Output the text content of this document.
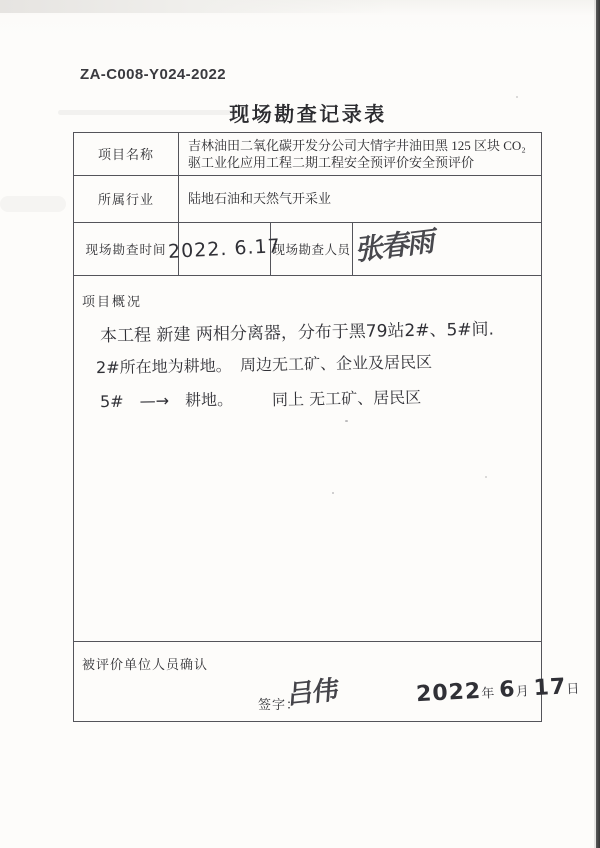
ZA-C008-Y024-2022
现场勘查记录表
项目名称
吉林油田二氧化碳开发分公司大情字井油田黑 125 区块 CO₂驱工业化应用工程二期工程安全预评价安全预评价
所属行业	陆地石油和天然气开采业
现场勘查时间 2022. 6.17
现场勘查人员 张春雨
项目概况
本工程 新建 两相分离器，分布于黑79站2#、5#间.
2#所在地为耕地。 周边无工矿、企业及居民区
5#　—→　耕地。 同上 无工矿、居民区
被评价单位人员确认
签字：
吕伟	2022年 6月 17日
